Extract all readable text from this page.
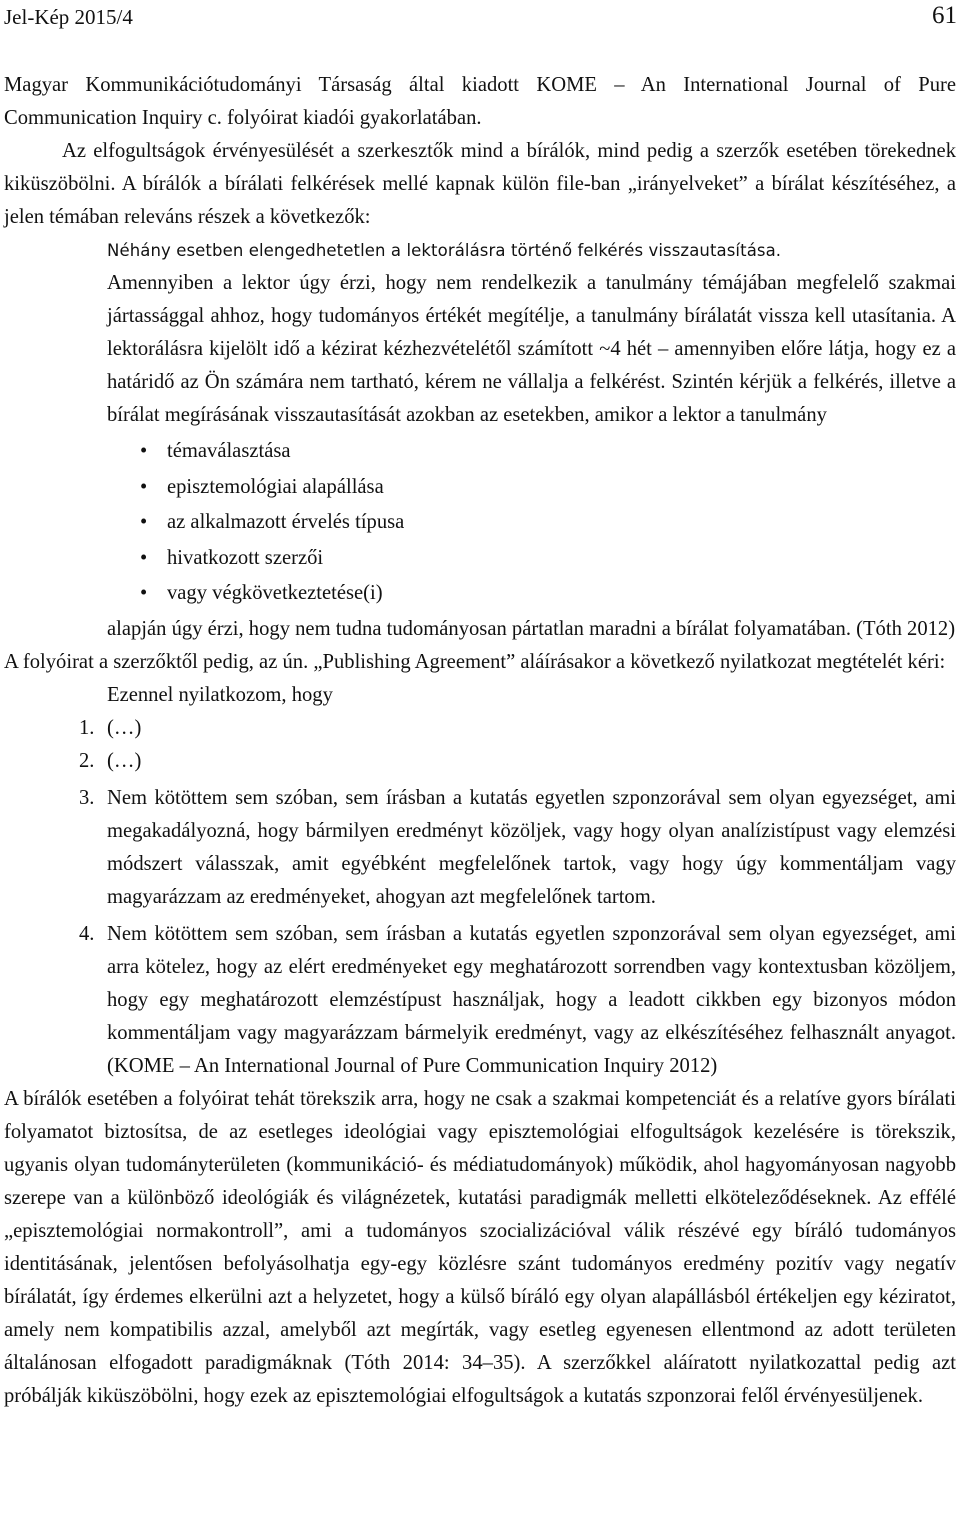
Jel-Kép 2015/4	61

Magyar Kommunikációtudományi Társaság által kiadott KOME – An International Journal of Pure Communication Inquiry c. folyóirat kiadói gyakorlatában.

Az elfogultságok érvényesülését a szerkesztők mind a bírálók, mind pedig a szerzők esetében törekednek kiküszöbölni. A bírálók a bírálati felkérések mellé kapnak külön file-ban „irányelveket” a bírálat készítéséhez, a jelen témában releváns részek a következők:

Néhány esetben elengedhetetlen a lektorálásra történő felkérés visszautasítása.

Amennyiben a lektor úgy érzi, hogy nem rendelkezik a tanulmány témájában megfelelő szakmai jártassággal ahhoz, hogy tudományos értékét megítélje, a tanulmány bírálatát vissza kell utasítania. A lektorálásra kijelölt idő a kézirat kézhezvételétől számított ~4 hét – amennyiben előre látja, hogy ez a határidő az Ön számára nem tartható, kérem ne vállalja a felkérést. Szintén kérjük a felkérés, illetve a bírálat megírásának visszautasítását azokban az esetekben, amikor a lektor a tanulmány

• témaválasztása
• episztemológiai alapállása
• az alkalmazott érvelés típusa
• hivatkozott szerzői
• vagy végkövetkeztetése(i)

alapján úgy érzi, hogy nem tudna tudományosan pártatlan maradni a bírálat folyamatában. (Tóth 2012)

A folyóirat a szerzőktől pedig, az ún. „Publishing Agreement” aláírásakor a következő nyilatkozat megtételét kéri:

Ezennel nyilatkozom, hogy

1. (…)
2. (…)
3. Nem kötöttem sem szóban, sem írásban a kutatás egyetlen szponzorával sem olyan egyezséget, ami megakadályozná, hogy bármilyen eredményt közöljek, vagy hogy olyan analízistípust vagy elemzési módszert válasszak, amit egyébként megfelelőnek tartok, vagy hogy úgy kommentáljam vagy magyarázzam az eredményeket, ahogyan azt megfelelőnek tartom.
4. Nem kötöttem sem szóban, sem írásban a kutatás egyetlen szponzorával sem olyan egyezséget, ami arra kötelez, hogy az elért eredményeket egy meghatározott sorrendben vagy kontextusban közöljem, hogy egy meghatározott elemzéstípust használjak, hogy a leadott cikkben egy bizonyos módon kommentáljam vagy magyarázzam bármelyik eredményt, vagy az elkészítéséhez felhasznált anyagot. (KOME – An International Journal of Pure Communication Inquiry 2012)

A bírálók esetében a folyóirat tehát törekszik arra, hogy ne csak a szakmai kompetenciát és a relatíve gyors bírálati folyamatot biztosítsa, de az esetleges ideológiai vagy episztemológiai elfogultságok kezelésére is törekszik, ugyanis olyan tudományterületen (kommunikáció- és médiatudományok) működik, ahol hagyományosan nagyobb szerepe van a különböző ideológiák és világnézetek, kutatási paradigmák melletti elköteleződéseknek. Az effélé „episztemológiai normakontroll”, ami a tudományos szocializációval válik részévé egy bíráló tudományos identitásának, jelentősen befolyásolhatja egy-egy közlésre szánt tudományos eredmény pozitív vagy negatív bírálatát, így érdemes elkerülni azt a helyzetet, hogy a külső bíráló egy olyan alapállásból értékeljen egy kéziratot, amely nem kompatibilis azzal, amelyből azt megírták, vagy esetleg egyenesen ellentmond az adott területen általánosan elfogadott paradigmáknak (Tóth 2014: 34–35). A szerzőkkel aláíratott nyilatkozattal pedig azt próbálják kiküszöbölni, hogy ezek az episztemológiai elfogultságok a kutatás szponzorai felől érvényesüljenek.
